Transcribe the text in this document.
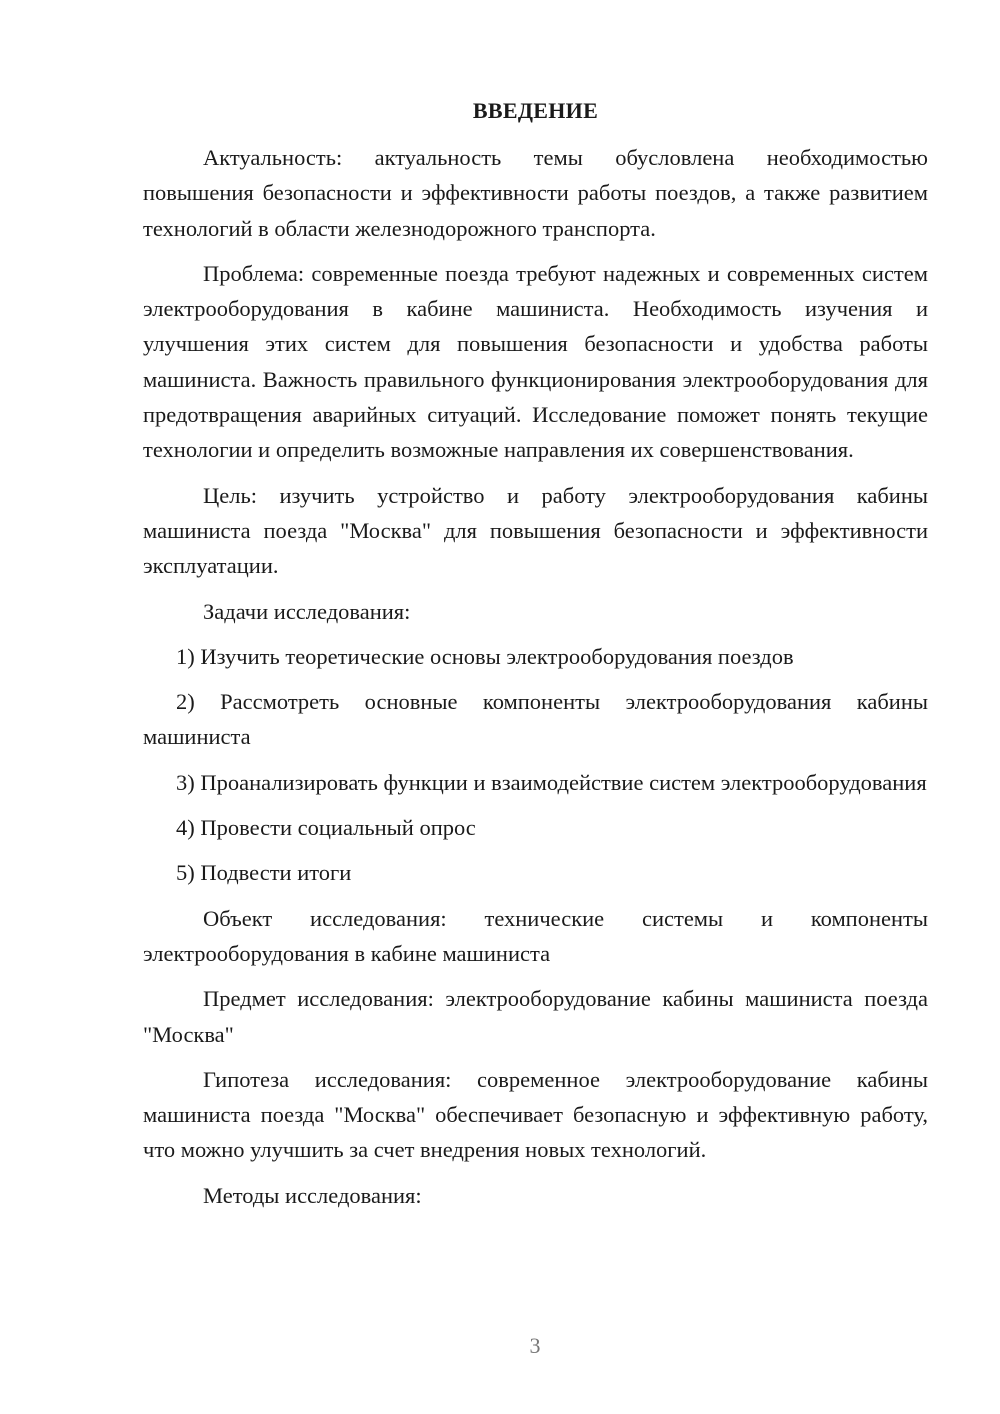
ВВЕДЕНИЕ

Актуальность: актуальность темы обусловлена необходимостью повышения безопасности и эффективности работы поездов, а также развитием технологий в области железнодорожного транспорта.

Проблема: современные поезда требуют надежных и современных систем электрооборудования в кабине машиниста. Необходимость изучения и улучшения этих систем для повышения безопасности и удобства работы машиниста. Важность правильного функционирования электрооборудования для предотвращения аварийных ситуаций. Исследование поможет понять текущие технологии и определить возможные направления их совершенствования.

Цель: изучить устройство и работу электрооборудования кабины машиниста поезда "Москва" для повышения безопасности и эффективности эксплуатации.

Задачи исследования:

1) Изучить теоретические основы электрооборудования поездов

2) Рассмотреть основные компоненты электрооборудования кабины машиниста

3) Проанализировать функции и взаимодействие систем электрооборудования

4) Провести социальный опрос

5) Подвести итоги

Объект исследования: технические системы и компоненты электрооборудования в кабине машиниста

Предмет исследования: электрооборудование кабины машиниста поезда "Москва"

Гипотеза исследования: современное электрооборудование кабины машиниста поезда "Москва" обеспечивает безопасную и эффективную работу, что можно улучшить за счет внедрения новых технологий.

Методы исследования:

3
